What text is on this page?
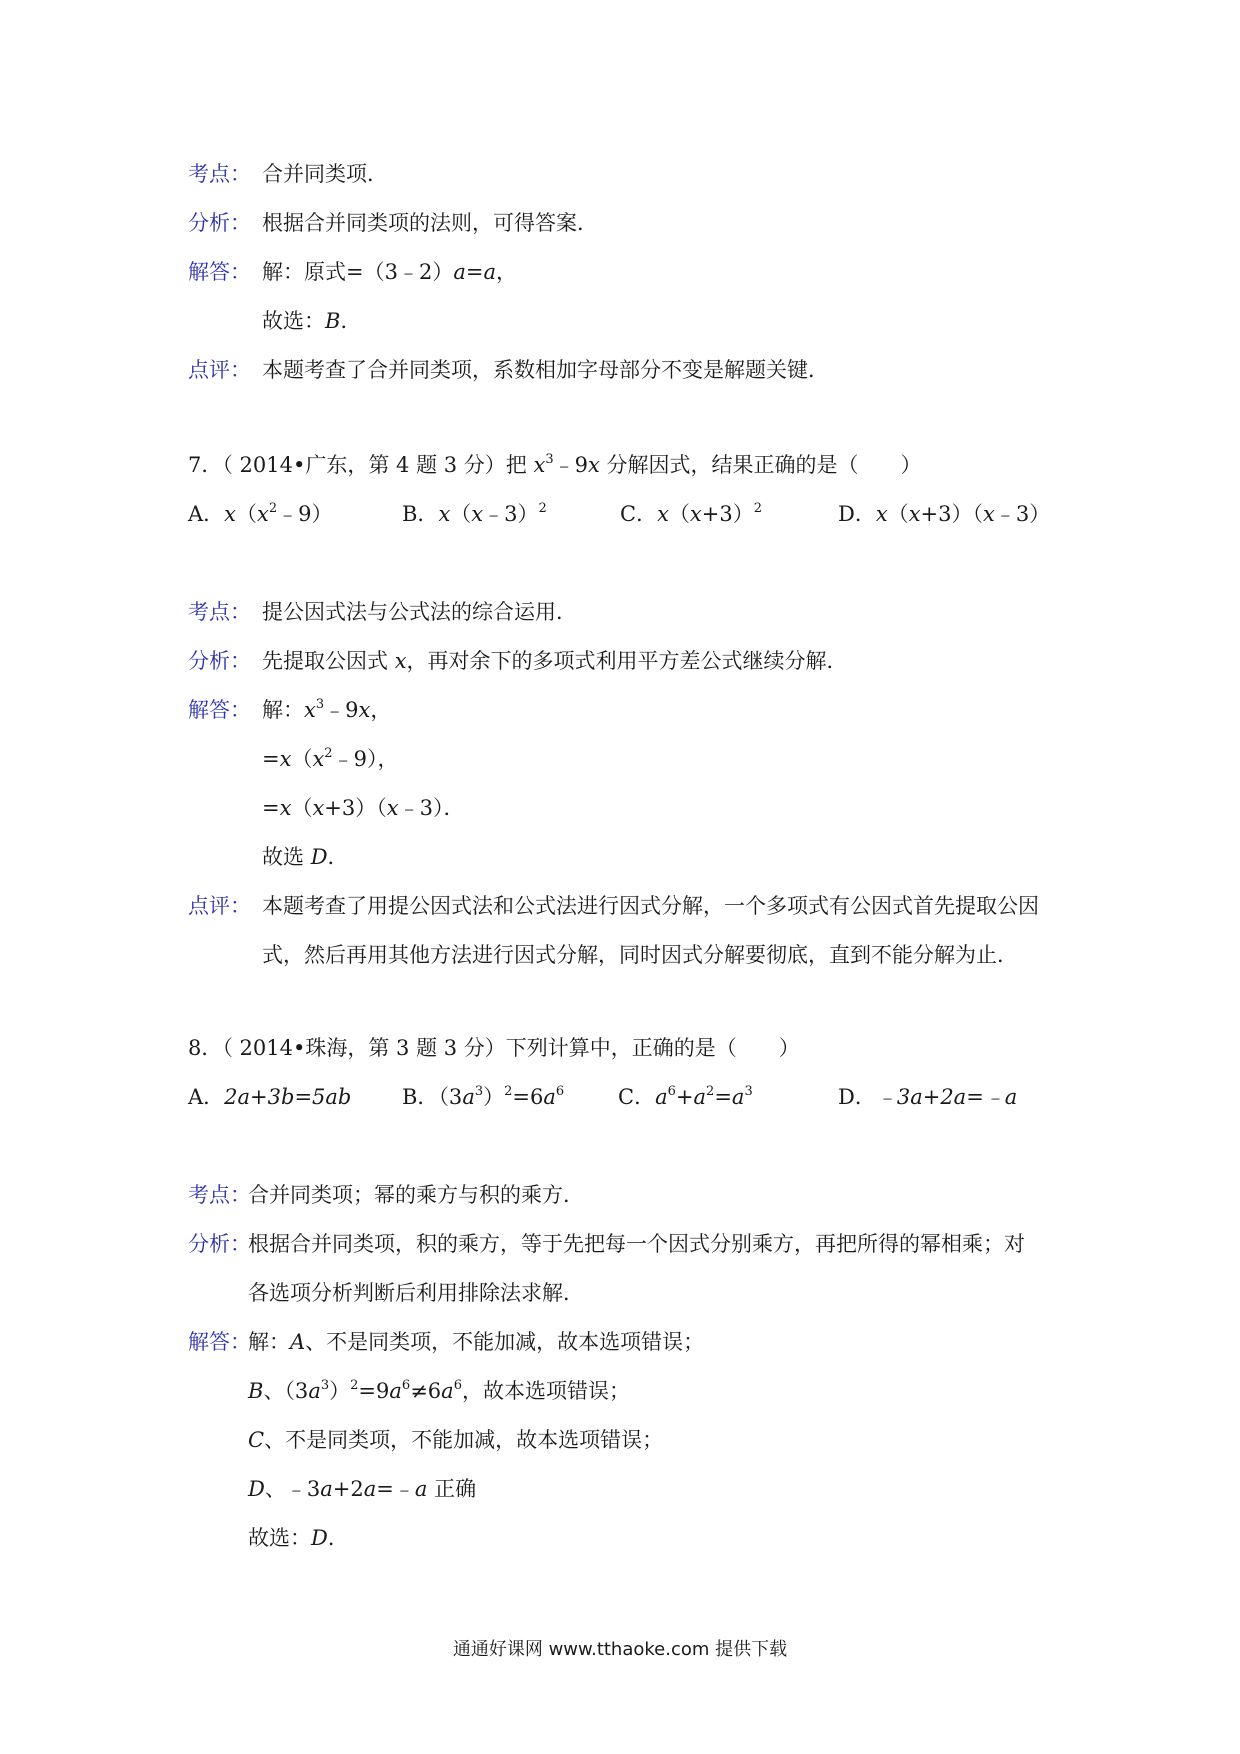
考点： 合并同类项．
分析： 根据合并同类项的法则，可得答案．
解答： 解：原式=（3﹣2）a=a，
故选：B．
点评： 本题考查了合并同类项，系数相加字母部分不变是解题关键．
7．（ 2014•广东，第 4 题 3 分）把 $x^3﹣9x$ 分解因式，结果正确的是（　　）
A．$x(x^2﹣9)$	B．x（x﹣3）$^2$	C．$x(x+3)^2$	D．x（x+3）（x﹣3）
考点： 提公因式法与公式法的综合运用．
分析： 先提取公因式 x，再对余下的多项式利用平方差公式继续分解．
解答： 解：$x^3﹣9x$，
$=x(x^2﹣9)$，
=x（x+3）（x﹣3）．
故选 D．
点评： 本题考查了用提公因式法和公式法进行因式分解，一个多项式有公因式首先提取公因
式，然后再用其他方法进行因式分解，同时因式分解要彻底，直到不能分解为止．
8．（ 2014•珠海，第 3 题 3 分）下列计算中，正确的是（　　）
A．2a+3b=5ab B．$(3a^3)^2=6a^6$	C．$a^6+a^2=a^3$	D．﹣3a+2a=﹣a
考点：
合并同类项；幂的乘方与积的乘方．
分析：
根据合并同类项，积的乘方，等于先把每一个因式分别乘方，再把所得的幂相乘；对
各选项分析判断后利用排除法求解．
解答：
解：A、不是同类项，不能加减，故本选项错误；
B、$(3a^3)^2=9a^6\ne 6a^6$，故本选项错误；
C、不是同类项，不能加减，故本选项错误；
D、﹣3a+2a=﹣a 正确
故选：D．
通通好课网 www.tthaoke.com 提供下载
